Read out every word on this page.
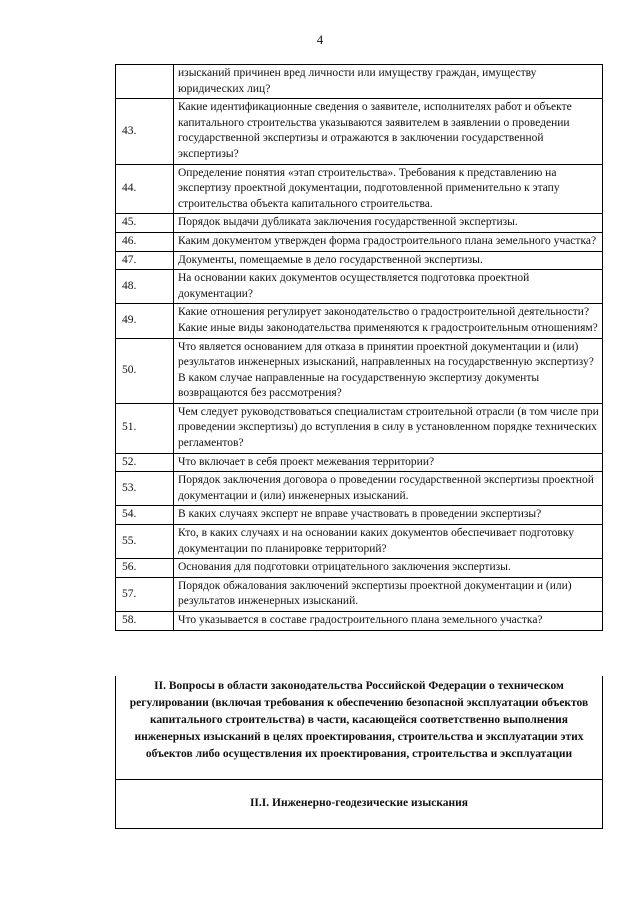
4
	изысканий причинен вред личности или имуществу граждан, имуществу юридических лиц?
43.	Какие идентификационные сведения о заявителе, исполнителях работ и объекте капитального строительства указываются заявителем в заявлении о проведении государственной экспертизы и отражаются в заключении государственной экспертизы?
44.	Определение понятия «этап строительства». Требования к представлению на экспертизу проектной документации, подготовленной применительно к этапу строительства объекта капитального строительства.
45.	Порядок выдачи дубликата заключения государственной экспертизы.
46.	Каким документом утвержден форма градостроительного плана земельного участка?
47.	Документы, помещаемые в дело государственной экспертизы.
48.	На основании каких документов осуществляется подготовка проектной документации?
49.	Какие отношения регулирует законодательство о градостроительной деятельности? Какие иные виды законодательства применяются к градостроительным отношениям?
50.	Что является основанием для отказа в принятии проектной документации и (или) результатов инженерных изысканий, направленных на государственную экспертизу? В каком случае направленные на государственную экспертизу документы возвращаются без рассмотрения?
51.	Чем следует руководствоваться специалистам строительной отрасли (в том числе при проведении экспертизы) до вступления в силу в установленном порядке технических регламентов?
52.	Что включает в себя проект межевания территории?
53.	Порядок заключения договора о проведении государственной экспертизы проектной документации и (или) инженерных изысканий.
54.	В каких случаях эксперт не вправе участвовать в проведении экспертизы?
55.	Кто, в каких случаях и на основании каких документов обеспечивает подготовку документации по планировке территорий?
56.	Основания для подготовки отрицательного заключения экспертизы.
57.	Порядок обжалования заключений экспертизы проектной документации и (или) результатов инженерных изысканий.
58.	Что указывается в составе градостроительного плана земельного участка?
II. Вопросы в области законодательства Российской Федерации о техническом регулировании (включая требования к обеспечению безопасной эксплуатации объектов капитального строительства) в части, касающейся соответственно выполнения инженерных изысканий в целях проектирования, строительства и эксплуатации этих объектов либо осуществления их проектирования, строительства и эксплуатации
II.I. Инженерно-геодезические изыскания
